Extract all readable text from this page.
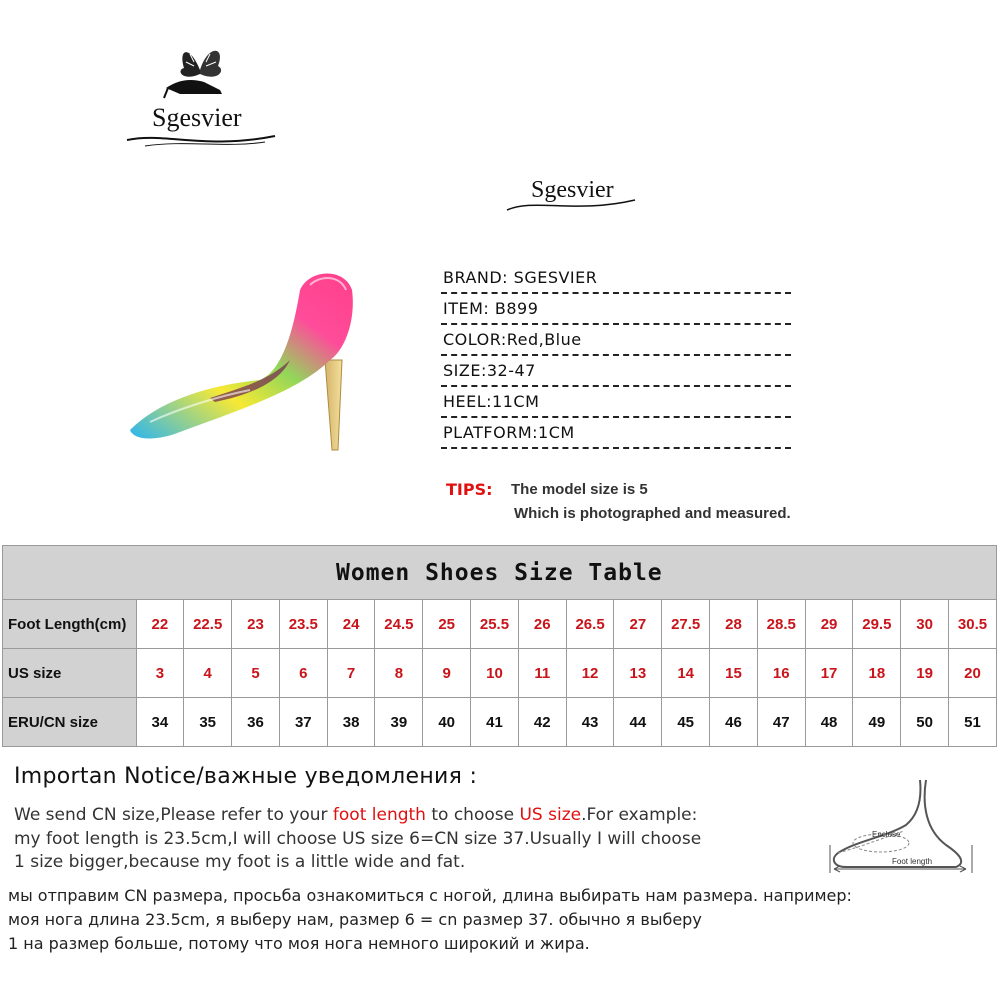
Sgesvier
Sgesvier
BRAND: SGESVIER
ITEM: B899
COLOR:Red,Blue
SIZE:32-47
HEEL:11CM
PLATFORM:1CM
TIPS: The model size is 5
Which is photographed and measured.
	Women Shoes Size Table																	
Foot Length(cm)	22	22.5	23	23.5	24	24.5	25	25.5	26	26.5	27	27.5	28	28.5	29	29.5	30	30.5
US size	3	4	5	6	7	8	9	10	11	12	13	14	15	16	17	18	19	20
ERU/CN size	34	35	36	37	38	39	40	41	42	43	44	45	46	47	48	49	50	51
Importan Notice/важные уведомления :
We send CN size,Please refer to your foot length to choose US size.For example:
my foot length is 23.5cm,I will choose US size 6=CN size 37.Usually I will choose
1 size bigger,because my foot is a little wide and fat.
мы отправим CN размера, просьба ознакомиться с ногой, длина выбирать нам размера. например:
моя нога длина 23.5cm, я выберу нам, размер 6 = cn размер 37. обычно я выберу
1 на размер больше, потому что моя нога немного широкий и жира.
Enclose
Foot length
